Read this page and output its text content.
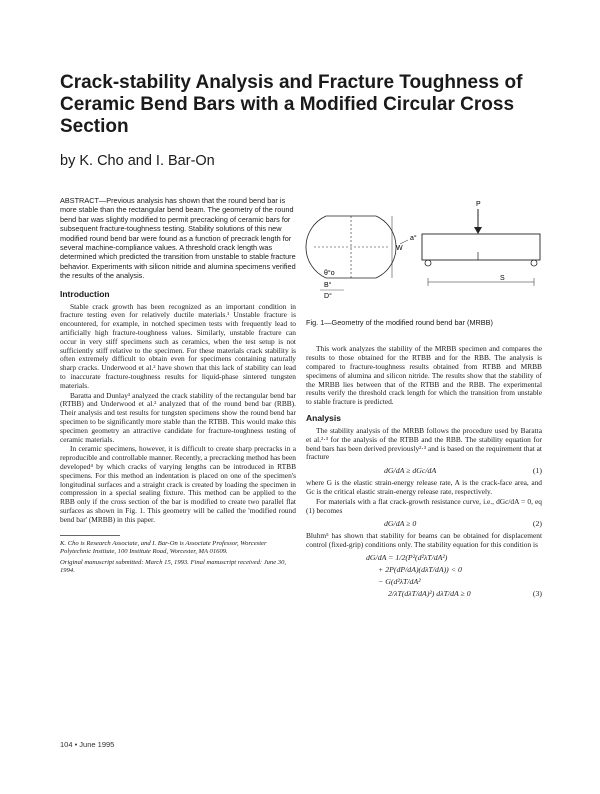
Crack-stability Analysis and Fracture Toughness of Ceramic Bend Bars with a Modified Circular Cross Section
by K. Cho and I. Bar-On

ABSTRACT—Previous analysis has shown that the round bend bar is more stable than the rectangular bend beam. The geometry of the round bend bar was slightly modified to permit precracking of ceramic bars for subsequent fracture-toughness testing. Stability solutions of this new modified round bend bar were found as a function of precrack length for several machine-compliance values. A threshold crack length was determined which predicted the transition from unstable to stable fracture behavior. Experiments with silicon nitride and alumina specimens verified the results of the analysis.

Introduction

Stable crack growth has been recognized as an important condition in fracture testing even for relatively ductile materials.¹ Unstable fracture is encountered, for example, in notched specimen tests with frequently lead to artificially high fracture-toughness values. Similarly, unstable fracture can occur in very stiff specimens such as ceramics, when the test setup is not sufficiently stiff relative to the specimen. For these materials crack stability is often extremely difficult to obtain even for specimens containing naturally sharp cracks. Underwood et al.² have shown that this lack of stability can lead to inaccurate fracture-toughness results for liquid-phase sintered tungsten materials.

Baratta and Dunlay³ analyzed the crack stability of the rectangular bend bar (RTBB) and Underwood et al.² analyzed that of the round bend bar (RBB). Their analysis and test results for tungsten specimens show the round bend bar specimen to be significantly more stable than the RTBB. This would make this specimen geometry an attractive candidate for fracture-toughness testing of ceramic materials.

In ceramic specimens, however, it is difficult to create sharp precracks in a reproducible and controllable manner. Recently, a precracking method has been developed⁴ by which cracks of varying lengths can be introduced in RTBB specimens. For this method an indentation is placed on one of the specimen's longitudinal surfaces and a straight crack is created by loading the specimen in compression in a special sealing fixture. This method can be applied to the RBB only if the cross section of the bar is modified to create two parallel flat surfaces as shown in Fig. 1. This geometry will be called the 'modified round bend bar' (MRBB) in this paper.

K. Cho is Research Associate, and I. Bar-On is Associate Professor, Worcester Polytechnic Institute, 100 Institute Road, Worcester, MA 01609.

Original manuscript submitted: March 15, 1993. Final manuscript received: June 30, 1994.

W
a°
θ°o
B°
D°
P
S

Fig. 1—Geometry of the modified round bend bar (MRBB)

This work analyzes the stability of the MRBB specimen and compares the results to those obtained for the RTBB and for the RBB. The analysis is compared to fracture-toughness results obtained from RTBB and MRBB specimens of alumina and silicon nitride. The results show that the stability of the MRBB lies between that of the RTBB and the RBB. The experimental results verify the threshold crack length for which the transition from unstable to stable fracture is predicted.

Analysis

The stability analysis of the MRBB follows the procedure used by Baratta et al.²·³ for the analysis of the RTBB and the RBB. The stability equation for bend bars has been derived previously²·³ and is based on the requirement that at fracture

dG/dA ≥ dGc/dA	(1)

where G is the elastic strain-energy release rate, A is the crack-face area, and Gc is the critical elastic strain-energy release rate, respectively.

For materials with a flat crack-growth resistance curve, i.e., dGc/dA = 0, eq (1) becomes

dG/dA ≥ 0	(2)

Bluhm⁵ has shown that stability for beams can be obtained for displacement control (fixed-grip) conditions only. The stability equation for this condition is

dG/dA = 1/2(P²(d²λT/dA²)
+ 2P(dP/dA)(dλT/dA)) < 0
− G(d²λT/dA²
2/λT(dλT/dA)²) dλT/dA ≥ 0	(3)
104 • June 1995
